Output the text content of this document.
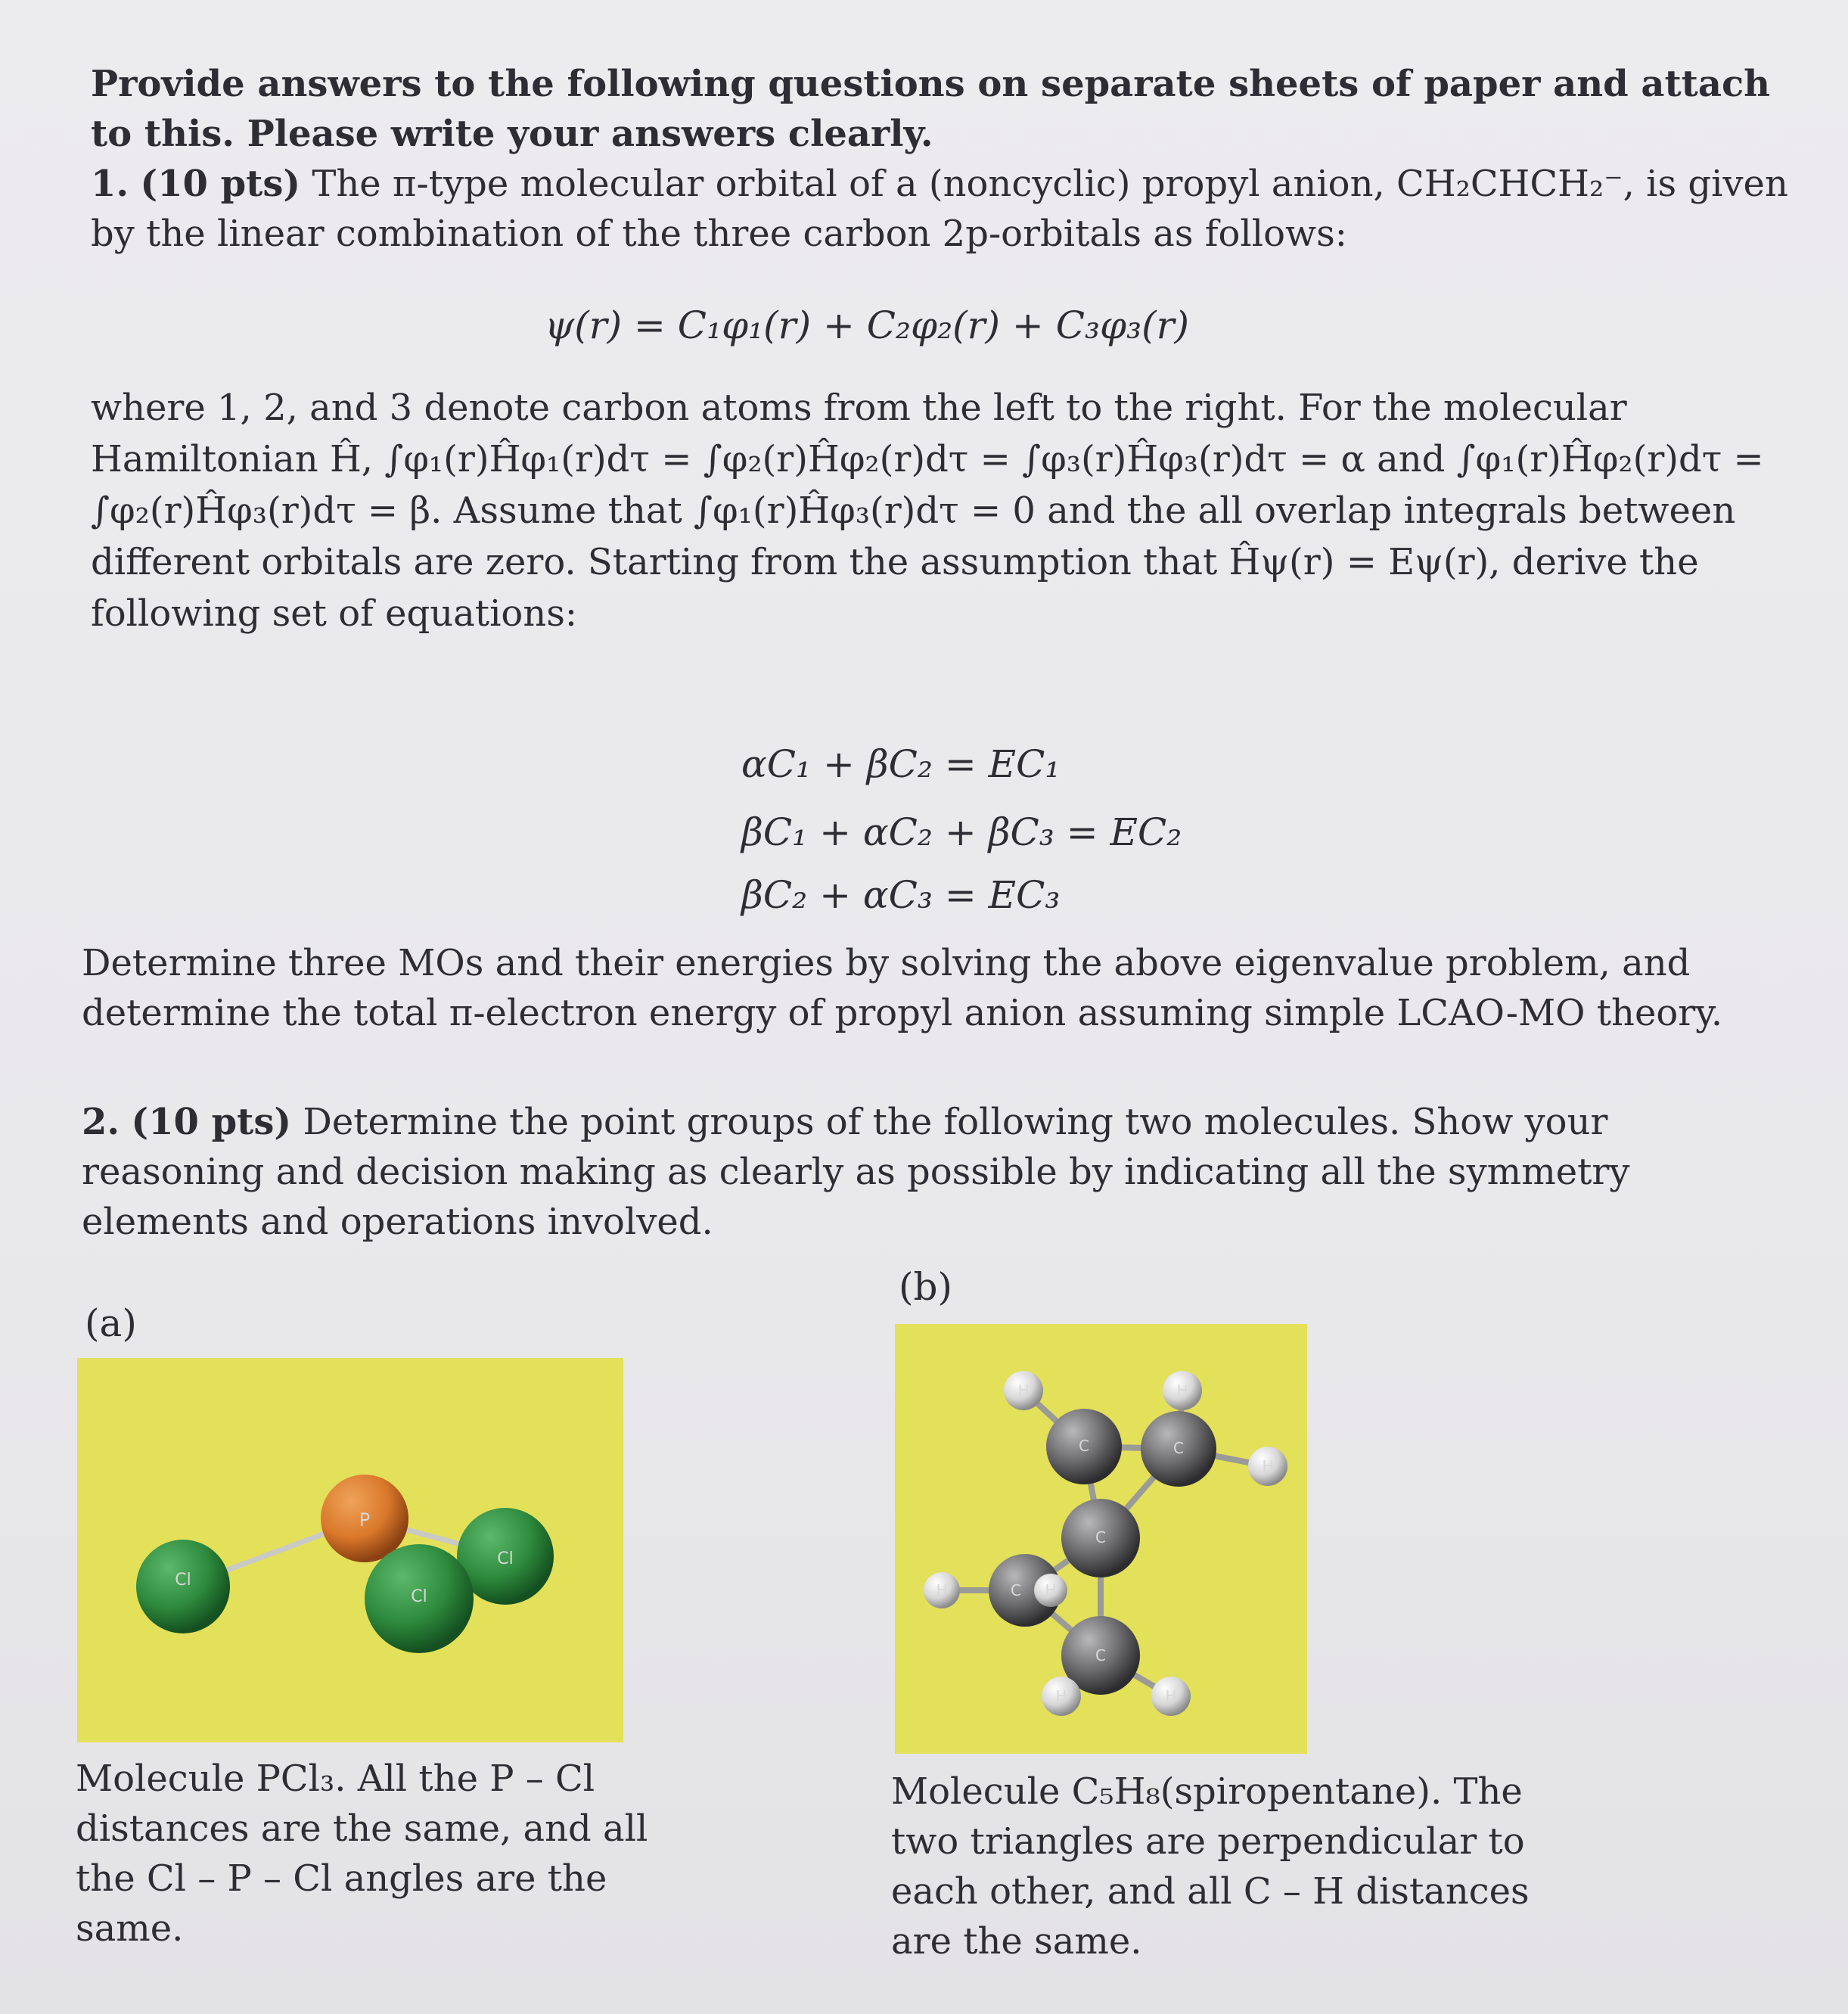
Provide answers to the following questions on separate sheets of paper and attach to this. Please write your answers clearly.
1. (10 pts) The π-type molecular orbital of a (noncyclic) propyl anion, CH₂CHCH₂⁻, is given by the linear combination of the three carbon 2p-orbitals as follows:
ψ(r) = C₁φ₁(r) + C₂φ₂(r) + C₃φ₃(r)
where 1, 2, and 3 denote carbon atoms from the left to the right. For the molecular Hamiltonian Ĥ, ∫φ₁(r)Ĥφ₁(r)dτ = ∫φ₂(r)Ĥφ₂(r)dτ = ∫φ₃(r)Ĥφ₃(r)dτ = α and ∫φ₁(r)Ĥφ₂(r)dτ = ∫φ₂(r)Ĥφ₃(r)dτ = β. Assume that ∫φ₁(r)Ĥφ₃(r)dτ = 0 and the all overlap integrals between different orbitals are zero. Starting from the assumption that Ĥψ(r) = Eψ(r), derive the following set of equations:
αC₁ + βC₂ = EC₁
βC₁ + αC₂ + βC₃ = EC₂
βC₂ + αC₃ = EC₃
Determine three MOs and their energies by solving the above eigenvalue problem, and determine the total π-electron energy of propyl anion assuming simple LCAO-MO theory.
2. (10 pts) Determine the point groups of the following two molecules. Show your reasoning and decision making as clearly as possible by indicating all the symmetry elements and operations involved.
(a)
(b)
Cl
P
Cl
Cl
H	H
C	C
H
C
H	C H
C
H	H
Molecule PCl₃. All the P – Cl distances are the same, and all the Cl – P – Cl angles are the same.
Molecule C₅H₈(spiropentane). The two triangles are perpendicular to each other, and all C – H distances are the same.
